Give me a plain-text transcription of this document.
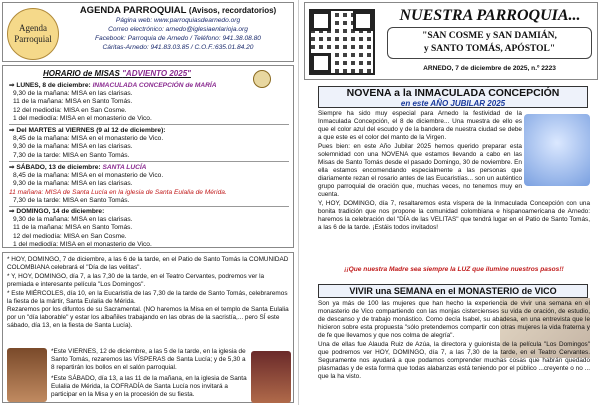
Agenda
Parroquial
AGENDA PARROQUIAL (Avisos, recordatorios)
Página web: www.parroquiasdearnedo.org
Correo electrónico: arnedo@iglesiaenlarioja.org
Facebook: Parroquia de Arnedo / Teléfono: 941.38.08.80
Cáritas-Arnedo: 941.83.03.85 / C.O.F.:635.01.84.20
HORARIO de MISAS "ADVIENTO 2025"
⇒ LUNES, 8 de diciembre: INMACULADA CONCEPCIÓN de MARÍA
9,30 de la mañana: MISA en las clarisas.
11 de la mañana: MISA en Santo Tomás.
12 del mediodía: MISA en San Cosme.
1 del mediodía: MISA en el monasterio de Vico.
⇒ Del MARTES al VIERNES (9 al 12 de diciembre):
8,45 de la mañana: MISA en el monasterio de Vico.
9,30 de la mañana: MISA en las clarisas.
7,30 de la tarde: MISA en Santo Tomás.
⇒ SÁBADO, 13 de diciembre: SANTA LUCÍA
8,45 de la mañana: MISA en el monasterio de Vico.
9,30 de la mañana: MISA en las clarisas.
11 mañana: MISA de Santa Lucía en la iglesia de Santa Eulalia de Mérida.
7,30 de la tarde: MISA en Santo Tomás.
⇒ DOMINGO, 14 de diciembre:
9,30 de la mañana: MISA en las clarisas.
11 de la mañana: MISA en Santo Tomás.
12 del mediodía: MISA en San Cosme.
1 del mediodía: MISA en el monasterio de Vico.
* HOY, DOMINGO, 7 de diciembre, a las 6 de la tarde, en el Patio de Santo Tomás la COMUNIDAD COLOMBIANA celebrará el "Día de las velitas".
* Y, HOY, DOMINGO, día 7, a las 7,30 de la tarde, en el Teatro Cervantes, podremos ver la premiada e interesante película "Los Domingos".
* Este MIÉRCOLES, día 10, en la Eucaristía de las 7,30 de la tarde de Santo Tomás, celebraremos la fiesta de la mártir, Santa Eulalia de Mérida.
Rezaremos por los difuntos de su Sacramental. (NO haremos la Misa en el templo de Santa Eulalia por un "día laborable" y estar los albañiles trabajando en las obras de la sacristía,... pero SÍ este sábado, día 13, en la fiesta de Santa Lucía).
*Este VIERNES, 12 de diciembre, a las 5 de la tarde, en la iglesia de Santo Tomás, rezaremos las VÍSPERAS de Santa Lucía; y de 5,30 a 8 repartirán los bollos en el salón parroquial.
*Este SÁBADO, día 13, a las 11 de la mañana, en la iglesia de Santa Eulalia de Mérida, la COFRADÍA de Santa Lucía nos invitará a participar en la Misa y en la procesión de su fiesta.
NUESTRA PARROQUIA...
"SAN COSME y SAN DAMIÁN,
y SANTO TOMÁS, APÓSTOL"
ARNEDO, 7 de diciembre de 2025, n.º 2223
NOVENA a la INMACULADA CONCEPCIÓN
en este AÑO JUBILAR 2025

Siempre ha sido muy especial para Arnedo la festividad de la Inmaculada Concepción, el 8 de diciembre... Una muestra de ello es que el color azul del escudo y de la bandera de nuestra ciudad se debe a que este es el color del manto de la Virgen.

Pues bien: en este Año Jubilar 2025 hemos querido preparar esta solemnidad con una NOVENA que estamos llevando a cabo en las Misas de Santo Tomás desde el pasado Domingo, 30 de noviembre. En ella estamos encomendando especialmente a las personas que diariamente rezan el rosario antes de las Eucaristías... son un auténtico grupo parroquial de oración que, muchas veces, no tenemos muy en cuenta.

Y, HOY, DOMINGO, día 7, resaltaremos esta víspera de la Inmaculada Concepción con una bonita tradición que nos propone la comunidad colombiana e hispanoamericana de Arnedo: haremos la celebración del "DÍA de las VELITAS" que tendrá lugar en el Patio de Santo Tomás, a las 6 de la tarde. ¡Estáis todos invitados!

¡¡Que nuestra Madre sea siempre la LUZ que ilumine nuestros pasos!!
VIVIR una SEMANA en el MONASTERIO de VICO

Son ya más de 100 las mujeres que han hecho la experiencia de vivir una semana en el monasterio de Vico compartiendo con las monjas cistercienses su vida de oración, de estudio, de descanso y de trabajo monástico. Como decía Isabel, su abadesa, en una entrevista que le hicieron sobre esta propuesta "sólo pretendemos compartir con otras mujeres la vida fraterna y de fe que llevamos y que nos colma de alegría".

Una de ellas fue Alauda Ruiz de Azúa, la directora y guionista de la película "Los Domingos" que podremos ver HOY, DOMINGO, día 7, a las 7,30 de la tarde, en el Teatro Cervantes. Seguramente nos ayudará a que podamos comprender muchas cosas que habrán quedado plasmadas y de esta forma que todas alabanzas está teniendo por el público ...creyente o no ... que la ha visto.
